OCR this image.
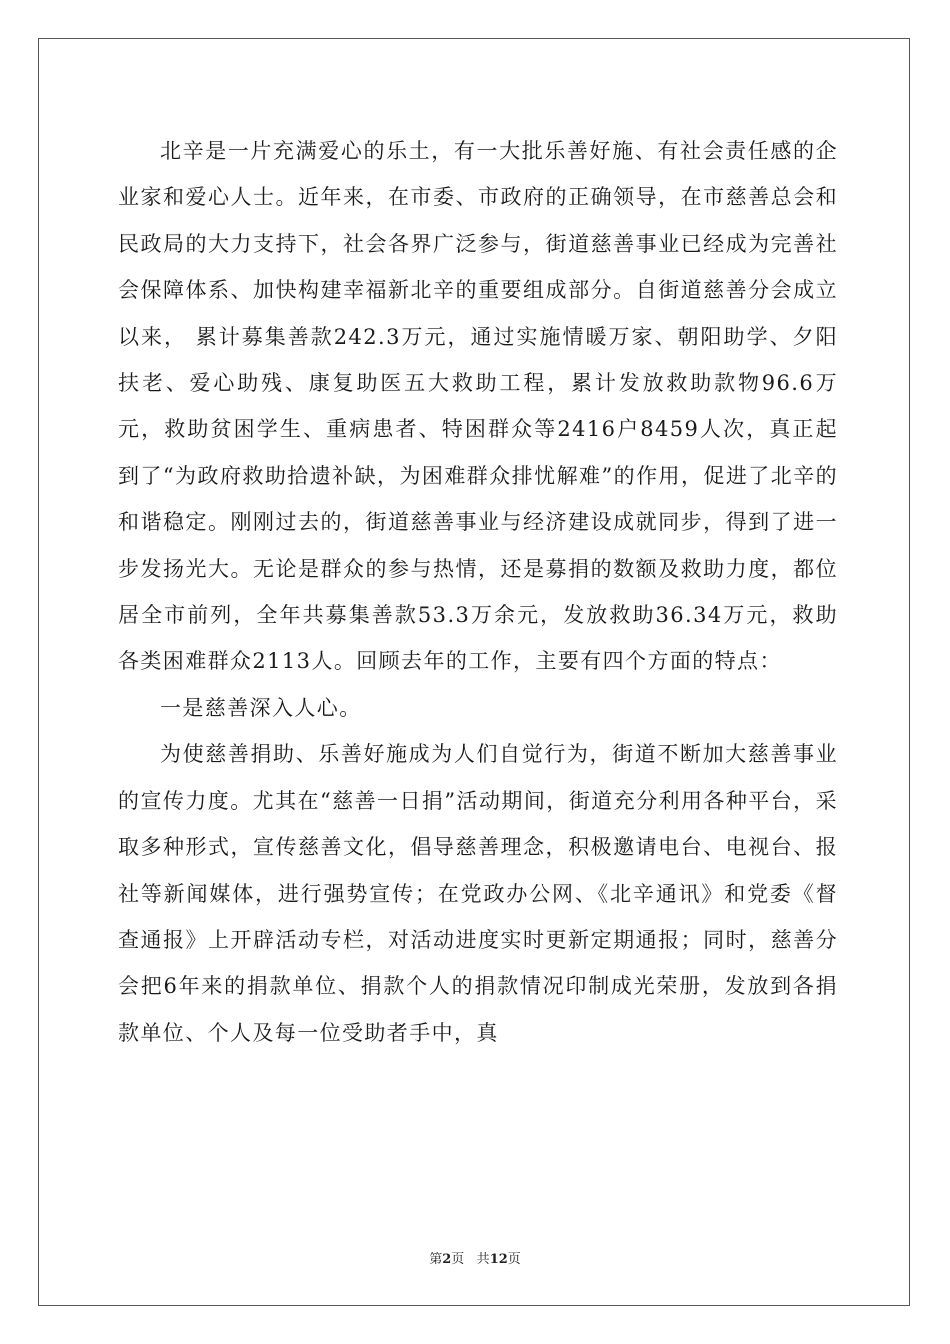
北辛是一片充满爱心的乐土，有一大批乐善好施、有社会责任感的企业家和爱心人士。近年来，在市委、市政府的正确领导，在市慈善总会和民政局的大力支持下，社会各界广泛参与，街道慈善事业已经成为完善社会保障体系、加快构建幸福新北辛的重要组成部分。自街道慈善分会成立以来， 累计募集善款242.3万元，通过实施情暖万家、朝阳助学、夕阳扶老、爱心助残、康复助医五大救助工程，累计发放救助款物96.6万元，救助贫困学生、重病患者、特困群众等2416户8459人次，真正起到了“为政府救助拾遗补缺，为困难群众排忧解难”的作用，促进了北辛的和谐稳定。刚刚过去的，街道慈善事业与经济建设成就同步，得到了进一步发扬光大。无论是群众的参与热情，还是募捐的数额及救助力度，都位居全市前列，全年共募集善款53.3万余元，发放救助36.34万元，救助各类困难群众2113人。回顾去年的工作，主要有四个方面的特点：

一是慈善深入人心。

为使慈善捐助、乐善好施成为人们自觉行为，街道不断加大慈善事业的宣传力度。尤其在“慈善一日捐”活动期间，街道充分利用各种平台，采取多种形式，宣传慈善文化，倡导慈善理念，积极邀请电台、电视台、报社等新闻媒体，进行强势宣传；在党政办公网、《北辛通讯》和党委《督查通报》上开辟活动专栏，对活动进度实时更新定期通报；同时，慈善分会把6年来的捐款单位、捐款个人的捐款情况印制成光荣册，发放到各捐款单位、个人及每一位受助者手中，真

第2页 共12页
